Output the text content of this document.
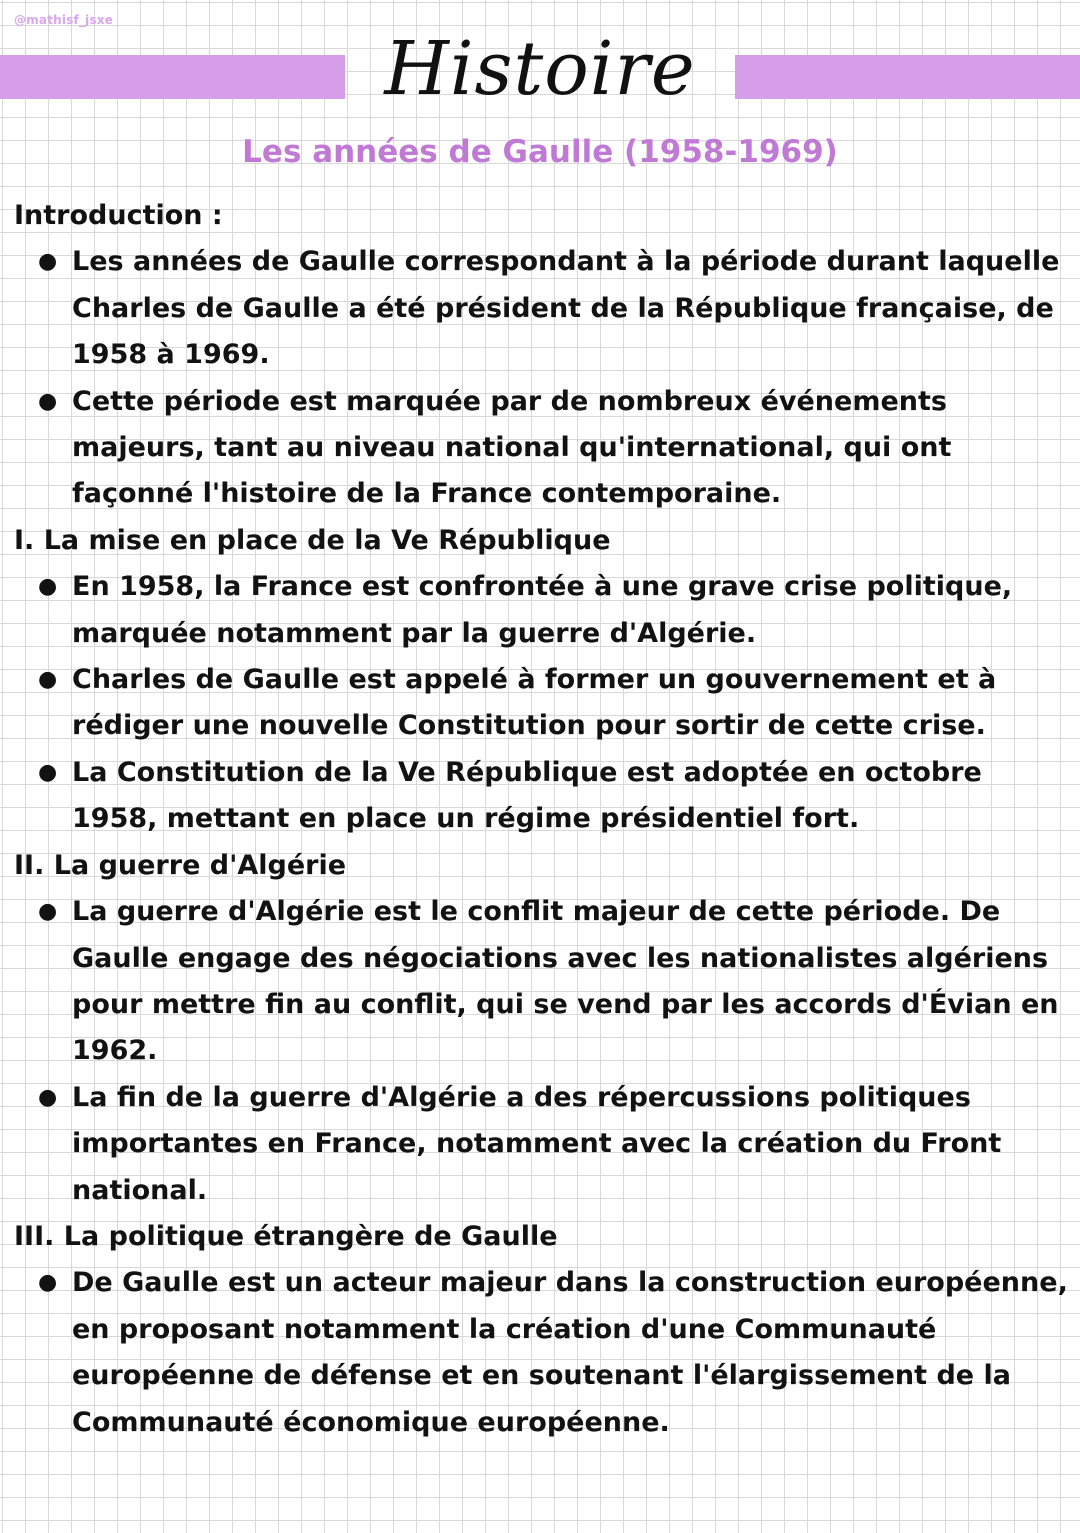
@mathisf_jsxe
Histoire
Les années de Gaulle (1958-1969)
Introduction :
● Les années de Gaulle correspondant à la période durant laquelle Charles de Gaulle a été président de la République française, de 1958 à 1969.
● Cette période est marquée par de nombreux événements majeurs, tant au niveau national qu'international, qui ont façonné l'histoire de la France contemporaine.
I. La mise en place de la Ve République
● En 1958, la France est confrontée à une grave crise politique, marquée notamment par la guerre d'Algérie.
● Charles de Gaulle est appelé à former un gouvernement et à rédiger une nouvelle Constitution pour sortir de cette crise.
● La Constitution de la Ve République est adoptée en octobre 1958, mettant en place un régime présidentiel fort.
II. La guerre d'Algérie
● La guerre d'Algérie est le conflit majeur de cette période. De Gaulle engage des négociations avec les nationalistes algériens pour mettre fin au conflit, qui se vend par les accords d'Évian en 1962.
● La fin de la guerre d'Algérie a des répercussions politiques importantes en France, notamment avec la création du Front national.
III. La politique étrangère de Gaulle
● De Gaulle est un acteur majeur dans la construction européenne, en proposant notamment la création d'une Communauté européenne de défense et en soutenant l'élargissement de la Communauté économique européenne.
